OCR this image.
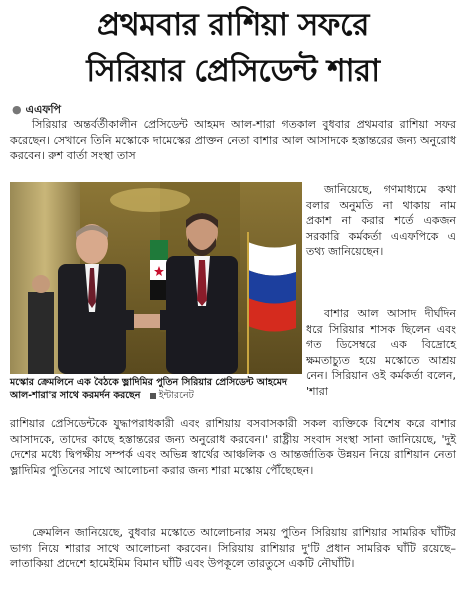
প্রথমবার রাশিয়া সফরে
সিরিয়ার প্রেসিডেন্ট শারা
● এএফপি

সিরিয়ার অন্তর্বর্তীকালীন প্রেসিডেন্ট আহমদ আল-শারা গতকাল বুধবার প্রথমবার রাশিয়া সফর করেছেন। সেখানে তিনি মস্কোকে দামেস্কের প্রাক্তন নেতা বাশার আল আসাদকে হস্তান্তরের জন্য অনুরোধ করবেন। রুশ বার্তা সংস্থা তাস

মস্কোর ক্রেমলিনে এক বৈঠকে ভ্লাদিমির পুতিন সিরিয়ার প্রেসিডেন্ট আহমেদ আল-শারা'র সাথে করমর্দন করছেন ইন্টারনেট

জানিয়েছে, গণমাধ্যমে কথা বলার অনুমতি না থাকায় নাম প্রকাশ না করার শর্তে একজন সরকারি কর্মকর্তা এএফপিকে এ তথ্য জানিয়েছেন।

বাশার আল আসাদ দীর্ঘদিন ধরে সিরিয়ার শাসক ছিলেন এবং গত ডিসেম্বরে এক বিদ্রোহে ক্ষমতাচ্যুত হয়ে মস্কোতে আশ্রয় নেন। সিরিয়ান ওই কর্মকর্তা বলেন, 'শারা

রাশিয়ার প্রেসিডেন্টকে যুদ্ধাপরাধকারী এবং রাশিয়ায় বসবাসকারী সকল ব্যক্তিকে বিশেষ করে বাশার আসাদকে, তাদের কাছে হস্তান্তরের জন্য অনুরোধ করবেন।' রাষ্ট্রীয় সংবাদ সংস্থা সানা জানিয়েছে, 'দুই দেশের মধ্যে দ্বিপক্ষীয় সম্পর্ক এবং অভিন্ন স্বার্থের আঞ্চলিক ও আন্তর্জাতিক উন্নয়ন নিয়ে রাশিয়ান নেতা ভ্লাদিমির পুতিনের সাথে আলোচনা করার জন্য শারা মস্কোয় পৌঁছেছেন।

ক্রেমলিন জানিয়েছে, বুধবার মস্কোতে আলোচনার সময় পুতিন সিরিয়ায় রাশিয়ার সামরিক ঘাঁটির ভাগ্য নিয়ে শারার সাথে আলোচনা করবেন। সিরিয়ায় রাশিয়ার দু'টি প্রধান সামরিক ঘাঁটি রয়েছে– লাতাকিয়া প্রদেশে হামেইমিম বিমান ঘাঁটি এবং উপকূলে তারতুসে একটি নৌঘাঁটি।
